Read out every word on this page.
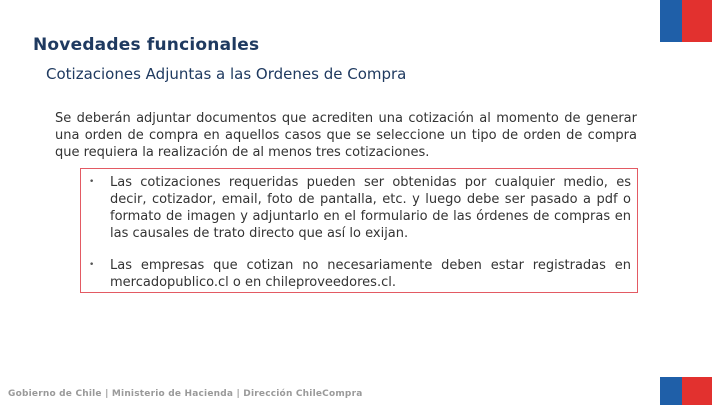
Novedades funcionales
Cotizaciones Adjuntas a las Ordenes de Compra

Se deberán adjuntar documentos que acrediten una cotización al momento de generar una orden de compra en aquellos casos que se seleccione un tipo de orden de compra que requiera la realización de al menos tres cotizaciones.

• Las cotizaciones requeridas pueden ser obtenidas por cualquier medio, es decir, cotizador, email, foto de pantalla, etc. y luego debe ser pasado a pdf o formato de imagen y adjuntarlo en el formulario de las órdenes de compras en las causales de trato directo que así lo exijan.

• Las empresas que cotizan no necesariamente deben estar registradas en mercadopublico.cl o en chileproveedores.cl.

Gobierno de Chile | Ministerio de Hacienda | Dirección ChileCompra
